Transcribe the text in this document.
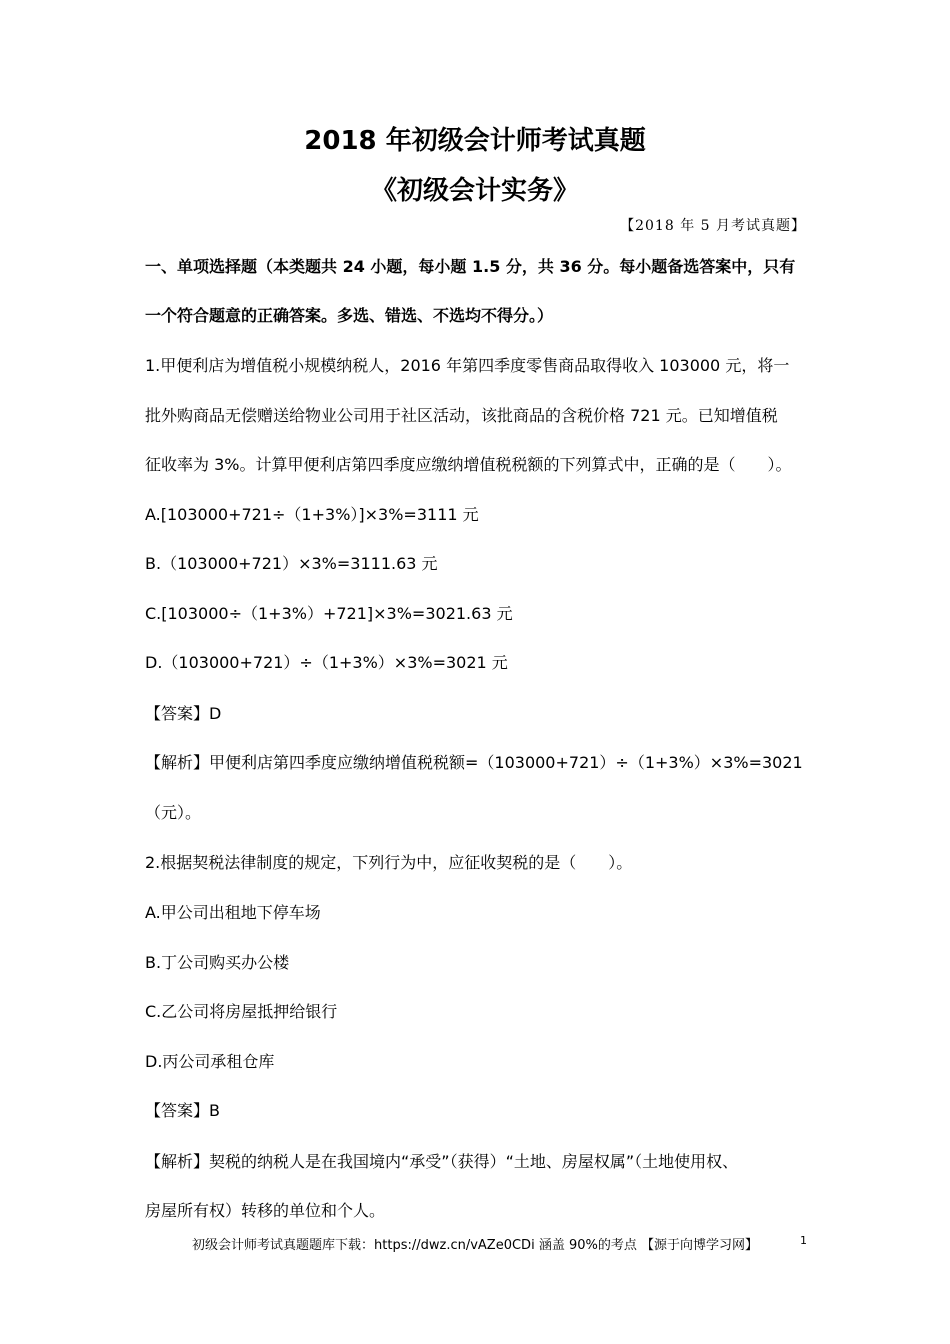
2018 年初级会计师考试真题
《初级会计实务》
【2018 年 5 月考试真题】
一、单项选择题（本类题共 24 小题，每小题 1.5 分，共 36 分。每小题备选答案中，只有
一个符合题意的正确答案。多选、错选、不选均不得分。）
1.甲便利店为增值税小规模纳税人，2016 年第四季度零售商品取得收入 103000 元，将一
批外购商品无偿赠送给物业公司用于社区活动，该批商品的含税价格 721 元。已知增值税
征收率为 3%。计算甲便利店第四季度应缴纳增值税税额的下列算式中，正确的是（　　）。
A.[103000+721÷（1+3%）]×3%=3111 元
B.（103000+721）×3%=3111.63 元
C.[103000÷（1+3%）+721]×3%=3021.63 元
D.（103000+721）÷（1+3%）×3%=3021 元
【答案】D
【解析】甲便利店第四季度应缴纳增值税税额=（103000+721）÷（1+3%）×3%=3021
（元）。
2.根据契税法律制度的规定，下列行为中，应征收契税的是（　　）。
A.甲公司出租地下停车场
B.丁公司购买办公楼
C.乙公司将房屋抵押给银行
D.丙公司承租仓库
【答案】B
【解析】契税的纳税人是在我国境内“承受”（获得）“土地、房屋权属”（土地使用权、
房屋所有权）转移的单位和个人。
初级会计师考试真题题库下载：https://dwz.cn/vAZe0CDi 涵盖 90%的考点 【源于向博学习网】	1
